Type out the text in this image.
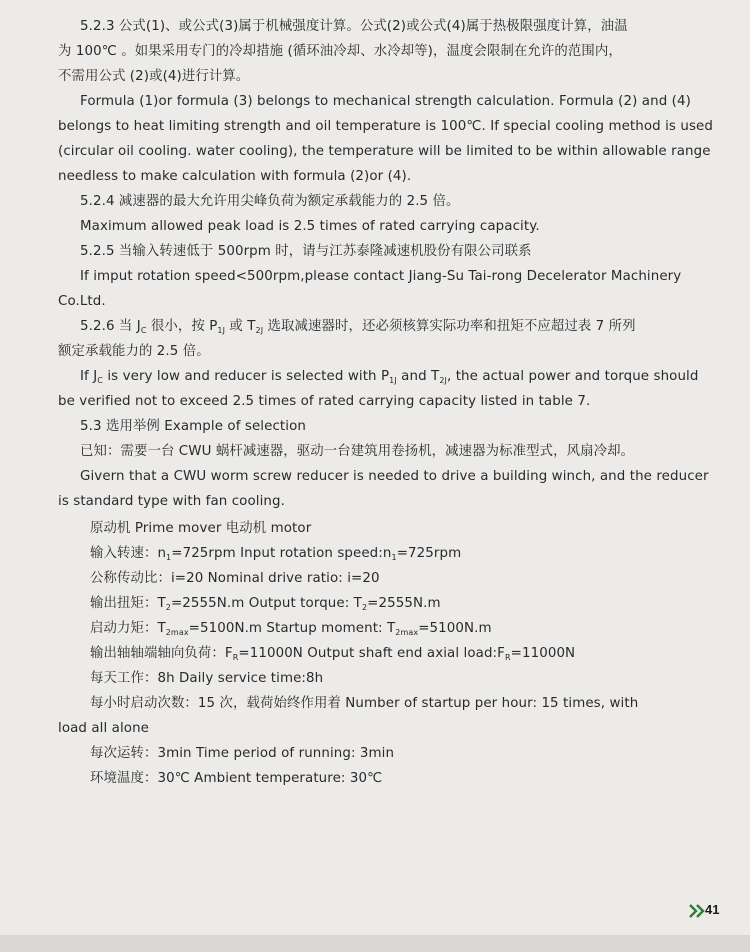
5.2.3 公式(1)、或公式(3)属于机械强度计算。公式(2)或公式(4)属于热极限强度计算，油温
为 100℃ 。如果采用专门的冷却措施 (循环油冷却、水冷却等)，温度会限制在允许的范围内，
不需用公式 (2)或(4)进行计算。
Formula (1)or formula (3) belongs to mechanical strength calculation. Formula (2) and (4)
belongs to heat limiting strength and oil temperature is 100℃. If special cooling method is used
(circular oil cooling. water cooling), the temperature will be limited to be within allowable range
needless to make calculation with formula (2)or (4).
5.2.4 减速器的最大允许用尖峰负荷为额定承载能力的 2.5 倍。
Maximum allowed peak load is 2.5 times of rated carrying capacity.
5.2.5 当输入转速低于 500rpm 时，请与江苏泰隆减速机股份有限公司联系
If imput rotation speed<500rpm,please contact Jiang-Su Tai-rong Decelerator Machinery
Co.Ltd.
5.2.6 当 $J_C$ 很小，按 $P_{1J}$ 或 $T_{2J}$ 选取减速器时，还必须核算实际功率和扭矩不应超过表 7 所列
额定承载能力的 2.5 倍。
If $J_C$ is very low and reducer is selected with $P_{1J}$ and $T_{2J}$, the actual power and torque should
be verified not to exceed 2.5 times of rated carrying capacity listed in table 7.
5.3 选用举例 Example of selection
已知：需要一台 CWU 蜗杆减速器，驱动一台建筑用卷扬机，减速器为标准型式，风扇冷却。
Givern that a CWU worm screw reducer is needed to drive a building winch, and the reducer
is standard type with fan cooling.
原动机 Prime mover 电动机 motor
输入转速：$n_1=725rpm$ Input rotation $speed:n_1=725rpm$
公称传动比：i=20 Nominal drive ratio: i=20
输出扭矩：$T_2=2555N.m$ Output torque: $T_2=2555N.m$
启动力矩：$T_{2max}=5100N.m$ Startup moment: $T_{2max}=5100N.m$
输出轴轴端轴向负荷：$F_R=11000N$ Output shaft end axial $load:F_R=11000N$
每天工作：8h Daily service time:8h
每小时启动次数：15 次，载荷始终作用着 Number of startup per hour: 15 times, with
load all alone
每次运转：3min Time period of running: 3min
环境温度：30℃ Ambient temperature: 30℃
41
